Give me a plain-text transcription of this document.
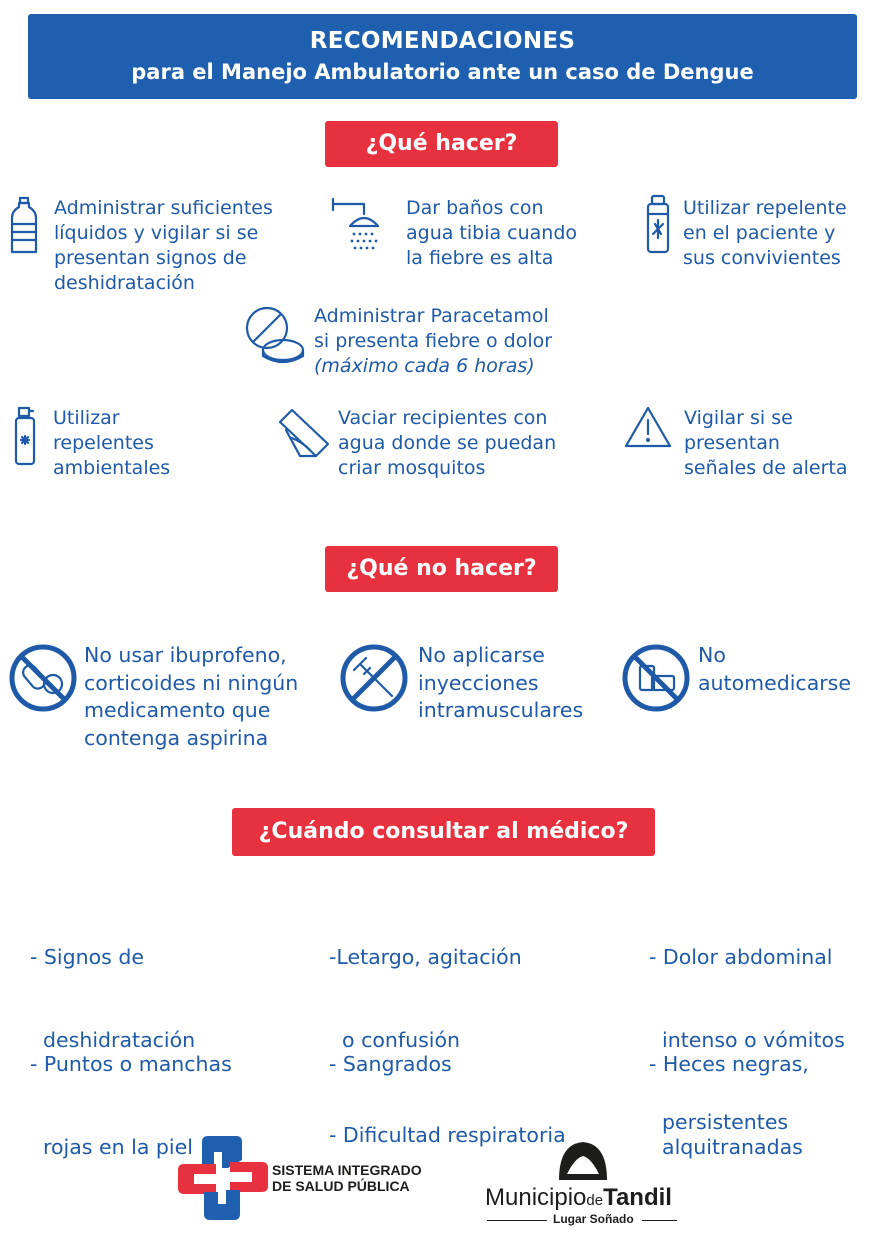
RECOMENDACIONES
para el Manejo Ambulatorio ante un caso de Dengue
¿Qué hacer?
Administrar suficientes
líquidos y vigilar si se
presentan signos de
deshidratación
Dar baños con
agua tibia cuando
la fiebre es alta
Utilizar repelente
en el paciente y
sus convivientes
Administrar Paracetamol
si presenta fiebre o dolor
(máximo cada 6 horas)
Utilizar
repelentes
ambientales
Vaciar recipientes con
agua donde se puedan
criar mosquitos
Vigilar si se
presentan
señales de alerta
¿Qué no hacer?
No usar ibuprofeno,
corticoides ni ningún
medicamento que
contenga aspirina
No aplicarse
inyecciones
intramusculares
No
automedicarse
¿Cuándo consultar al médico?

- Signos de

deshidratación

-Letargo, agitación

o confusión

- Dolor abdominal

intenso o vómitos

persistentes

- Puntos o manchas

rojas en la piel

- Sangrados

	- Heces negras,

alquitranadas

- Dificultad respiratoria

SISTEMA INTEGRADO
DE SALUD PÚBLICA	MunicipiodeTandil
Lugar Soñado
